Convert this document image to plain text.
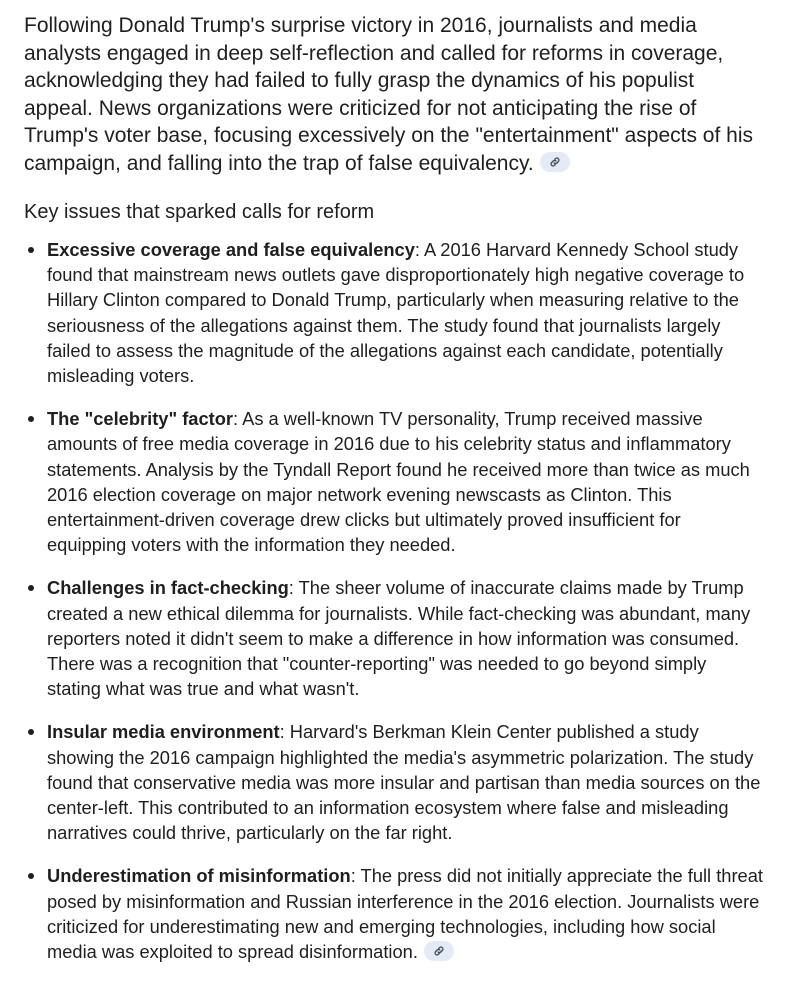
Following Donald Trump's surprise victory in 2016, journalists and media analysts engaged in deep self-reflection and called for reforms in coverage, acknowledging they had failed to fully grasp the dynamics of his populist appeal. News organizations were criticized for not anticipating the rise of Trump's voter base, focusing excessively on the "entertainment" aspects of his campaign, and falling into the trap of false equivalency.

Key issues that sparked calls for reform
Excessive coverage and false equivalency: A 2016 Harvard Kennedy School study found that mainstream news outlets gave disproportionately high negative coverage to Hillary Clinton compared to Donald Trump, particularly when measuring relative to the seriousness of the allegations against them. The study found that journalists largely failed to assess the magnitude of the allegations against each candidate, potentially misleading voters.
The "celebrity" factor: As a well-known TV personality, Trump received massive amounts of free media coverage in 2016 due to his celebrity status and inflammatory statements. Analysis by the Tyndall Report found he received more than twice as much 2016 election coverage on major network evening newscasts as Clinton. This entertainment-driven coverage drew clicks but ultimately proved insufficient for equipping voters with the information they needed.
Challenges in fact-checking: The sheer volume of inaccurate claims made by Trump created a new ethical dilemma for journalists. While fact-checking was abundant, many reporters noted it didn't seem to make a difference in how information was consumed. There was a recognition that "counter-reporting" was needed to go beyond simply stating what was true and what wasn't.
Insular media environment: Harvard's Berkman Klein Center published a study showing the 2016 campaign highlighted the media's asymmetric polarization. The study found that conservative media was more insular and partisan than media sources on the center-left. This contributed to an information ecosystem where false and misleading narratives could thrive, particularly on the far right.
Underestimation of misinformation: The press did not initially appreciate the full threat posed by misinformation and Russian interference in the 2016 election. Journalists were criticized for underestimating new and emerging technologies, including how social media was exploited to spread disinformation.
